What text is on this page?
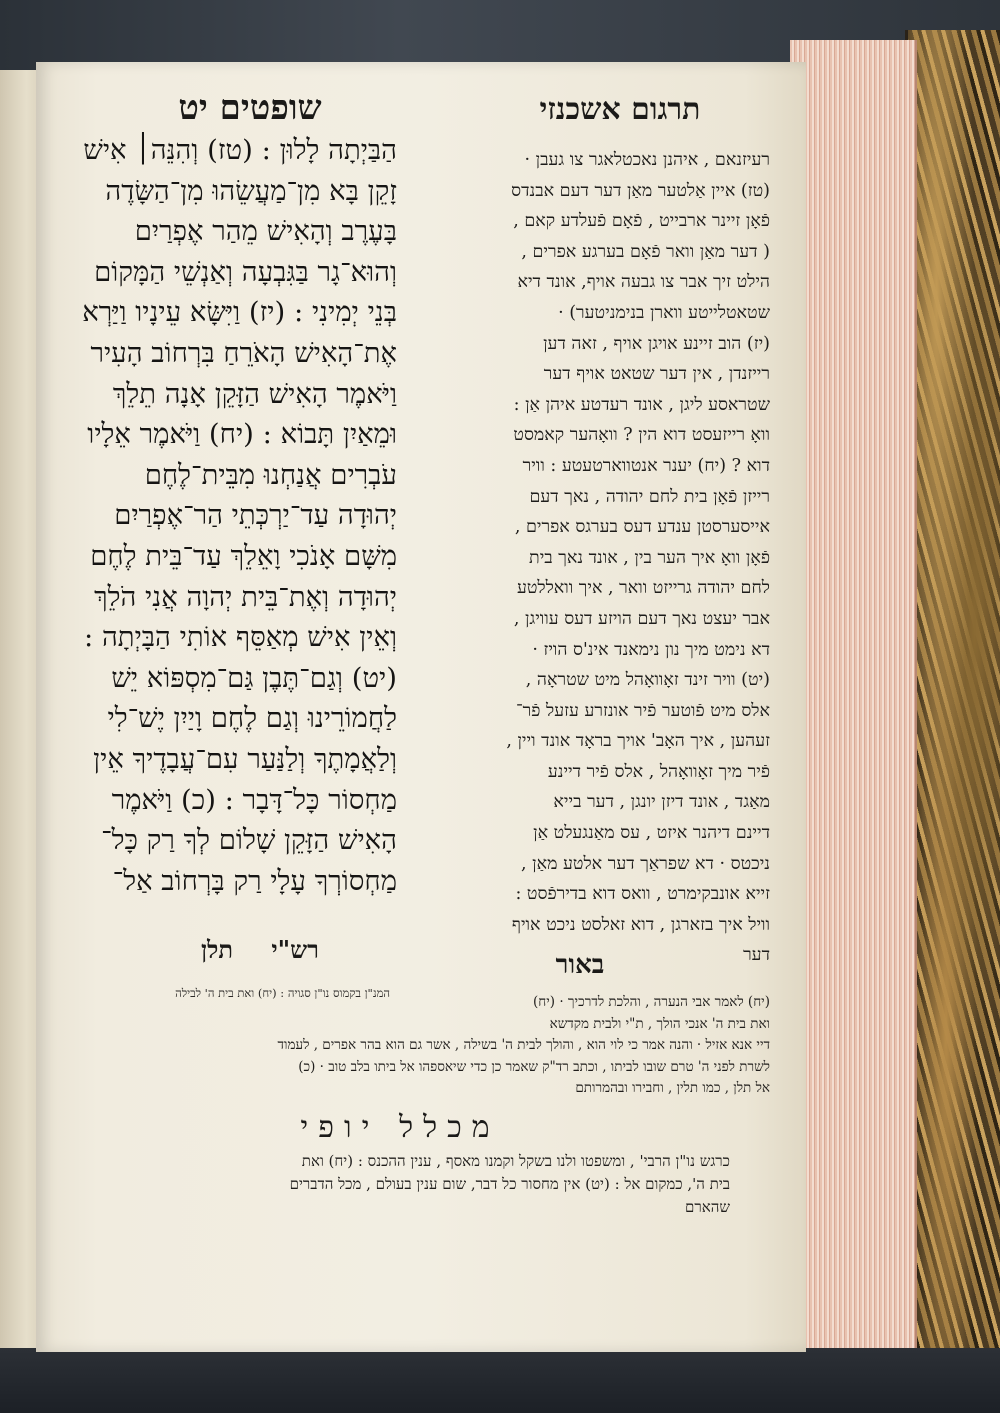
תרגום אשכנזי
שופטים יט
רעיזנאם , איהנן נאכטלאגר צו געבן ·
(טז) איין אַלטער מאַן דער דעם אבנדס
פֿאָן זיינר ארבייט , פֿאָם פֿעלדע קאם ,
( דער מאַן וואר פֿאָם בערגע אפרים ,
הילט זיך אבר צו גבעה אויף, אונד דיא
שטאטלייטע ווארן בנימניטער) ·
(יז) הוב זיינע אויגן אויף , זאה דען
רייזנדן , אין דער שטאט אויף דער
שטראסע ליגן , אונד רעדטע איהן אַן :
וואָ רייזעסט דוא הין ? וואָהער קאמסט
דוא ? (יח) יענר אנטווארטעטע : וויר
רייזן פֿאָן בית לחם יהודה , נאך דעם
אייסערסטן ענדע דעס בערגס אפרים ,
פֿאָן וואָ איך הער בין , אונד נאך בית
לחם יהודה גרייזט וואר , איך וואללטע
אבר יעצט נאך דעם הויזע דעס עוויגן ,
דא נימט מיך נון נימאנד אינ'ס הויז ·
(יט) וויר זינד זאָוואָהל מיט שטראָה ,
אלס מיט פֿוטער פֿיר אונזרע עזעל פֿר־
זעהען , איך האָב' אויך בראָד אונד ויין ,
פֿיר מיך זאָוואָהל , אלס פֿיר דיינע
מאַגד , אונד דיזן יונגן , דער בייא
דיינם דיהנר איזט , עס מאַנגעלט אַן
ניכטס · דא שפראַך דער אלטע מאַן ,
זייא אונבקימרט , וואס דוא בדירפֿסט :
וויל איך בזארגן , דוא זאלסט ניכט אויף
דער
הַבַּיְתָה לָלוּן : (טז) וְהִנֵּה׀ אִישׁ
זָקֵן בָּא מִן־מַעֲשֵׂהוּ מִן־הַשָּׂדֶה
בָּעֶרֶב וְהָאִישׁ מֵהַר אֶפְרַיִם
וְהוּא־גָר בַּגִּבְעָה וְאַנְשֵׁי הַמָּקוֹם
בְּנֵי יְמִינִי : (יז) וַיִּשָּׂא עֵינָיו וַיַּרְא
אֶת־הָאִישׁ הָאֹרֵחַ בִּרְחוֹב הָעִיר
וַיֹּאמֶר הָאִישׁ הַזָּקֵן אָנָה תֵלֵךְ
וּמֵאַיִן תָּבוֹא : (יח) וַיֹּאמֶר אֵלָיו
עֹבְרִים אֲנַחְנוּ מִבֵּית־לֶחֶם
יְהוּדָה עַד־יַרְכְּתֵי הַר־אֶפְרַיִם
מִשָּׁם אָנֹכִי וָאֵלֵךְ עַד־בֵּית לֶחֶם
יְהוּדָה וְאֶת־בֵּית יְהוָה אֲנִי הֹלֵךְ
וְאֵין אִישׁ מְאַסֵּף אוֹתִי הַבָּיְתָה :
(יט) וְגַם־תֶּבֶן גַּם־מִסְפּוֹא יֵשׁ
לַחֲמוֹרֵינוּ וְגַם לֶחֶם וָיַיִן יֶשׁ־לִי
וְלַאֲמָתֶךָ וְלַנַּעַר עִם־עֲבָדֶיךָ אֵין
מַחְסוֹר כָּל־דָּבָר : (כ) וַיֹּאמֶר
הָאִישׁ הַזָּקֵן שָׁלוֹם לְךָ רַק כָּל־
מַחְסוֹרְךָ עָלָי רַק בָּרְחוֹב אַל־
רש"י תלן
המנ"ן בקמוס נו"ן סגויה : (יח) ואת בית ה' לבילה
באור
(יח) לאמר אבי הנערה , והלכת לדרכיך · (יח)
ואת בית ה' אנכי הולך , ת"י ולבית מקדשא
דיי אנא אזיל · והנה אמר כי לוי הוא , והולך לבית ה' בשילה , אשר גם הוא בהר אפרים , לעמוד
לשרת לפני ה' טרם שובו לביתו , וכתב רד"ק שאמר כן כדי שיאספהו אל ביתו בלב טוב · (כ)
אל תלן , כמו תלין , וחבירו ובהמרותם
מכלל יופי
כרגש נו"ן הרבי' , ומשפטו ולנו בשקל וקמנו מאסף , ענין ההכנס : (יח) ואת
בית ה', כמקום אל : (יט) אין מחסור כל דבר, שום ענין בעולם , מכל הדברים
שהארם
